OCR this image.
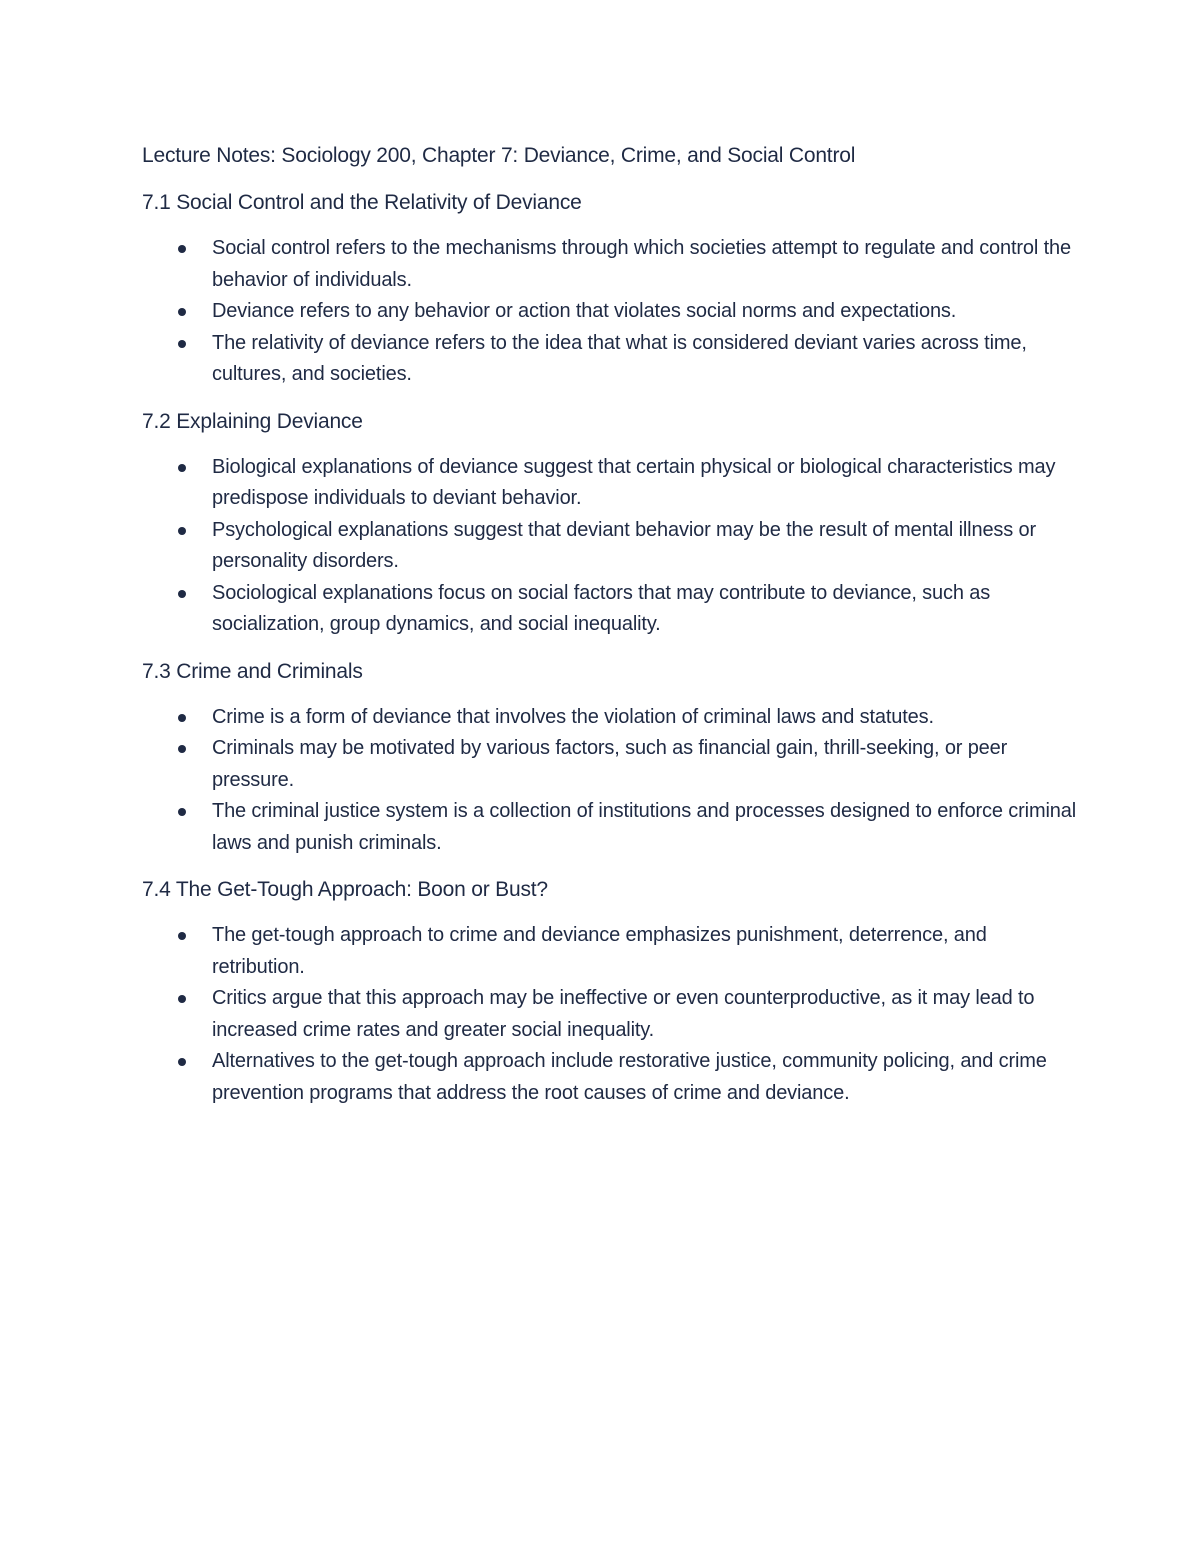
Lecture Notes: Sociology 200, Chapter 7: Deviance, Crime, and Social Control

7.1 Social Control and the Relativity of Deviance

Social control refers to the mechanisms through which societies attempt to regulate and control the behavior of individuals.
Deviance refers to any behavior or action that violates social norms and expectations.
The relativity of deviance refers to the idea that what is considered deviant varies across time, cultures, and societies.

7.2 Explaining Deviance

Biological explanations of deviance suggest that certain physical or biological characteristics may predispose individuals to deviant behavior.
Psychological explanations suggest that deviant behavior may be the result of mental illness or personality disorders.
Sociological explanations focus on social factors that may contribute to deviance, such as socialization, group dynamics, and social inequality.

7.3 Crime and Criminals

Crime is a form of deviance that involves the violation of criminal laws and statutes.
Criminals may be motivated by various factors, such as financial gain, thrill-seeking, or peer pressure.
The criminal justice system is a collection of institutions and processes designed to enforce criminal laws and punish criminals.

7.4 The Get-Tough Approach: Boon or Bust?

The get-tough approach to crime and deviance emphasizes punishment, deterrence, and retribution.
Critics argue that this approach may be ineffective or even counterproductive, as it may lead to increased crime rates and greater social inequality.
Alternatives to the get-tough approach include restorative justice, community policing, and crime prevention programs that address the root causes of crime and deviance.
